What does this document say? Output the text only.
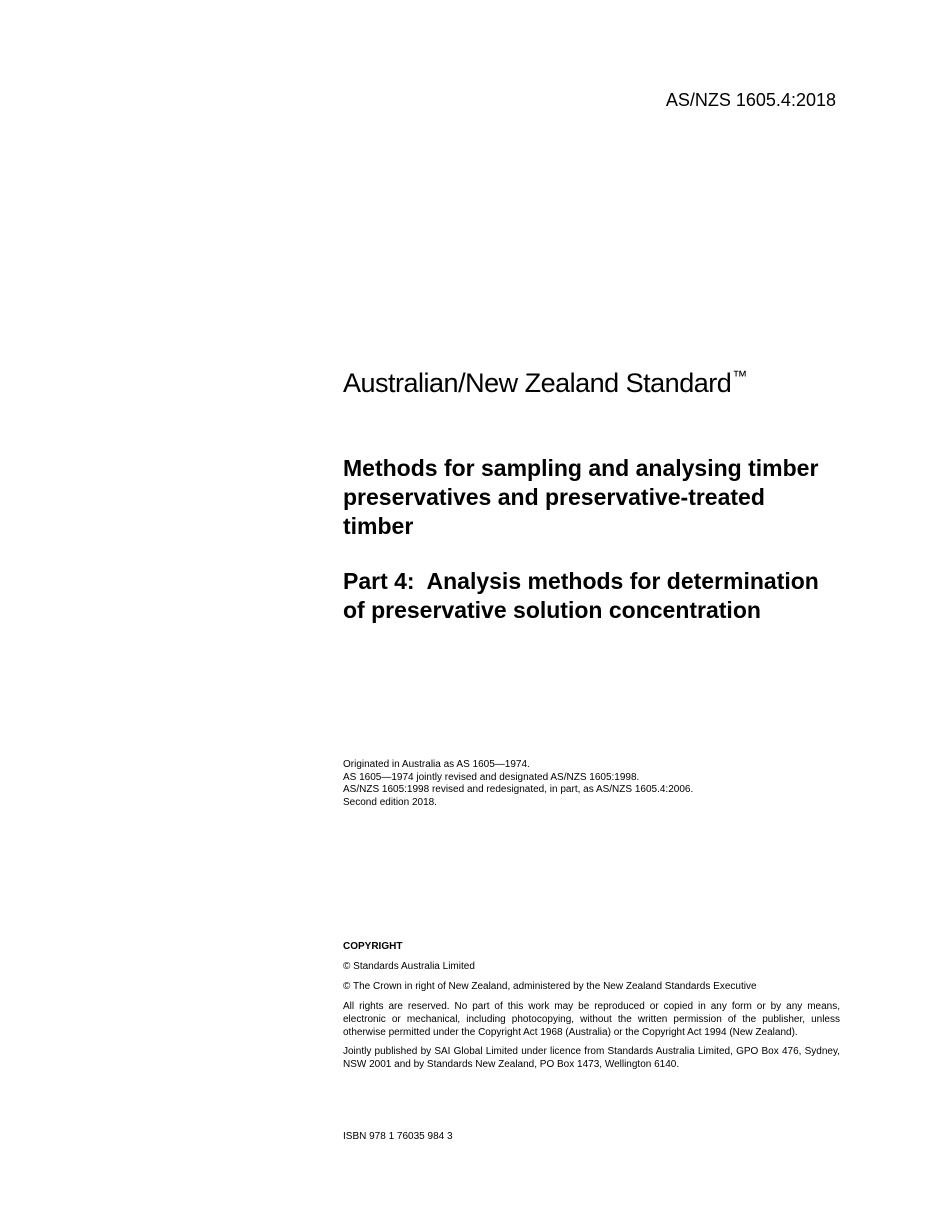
AS/NZS 1605.4:2018
Australian/New Zealand Standard™
Methods for sampling and analysing timber preservatives and preservative-treated timber
Part 4:  Analysis methods for determination of preservative solution concentration
Originated in Australia as AS 1605—1974.
AS 1605—1974 jointly revised and designated AS/NZS 1605:1998.
AS/NZS 1605:1998 revised and redesignated, in part, as AS/NZS 1605.4:2006.
Second edition 2018.
COPYRIGHT
© Standards Australia Limited
© The Crown in right of New Zealand, administered by the New Zealand Standards Executive
All rights are reserved. No part of this work may be reproduced or copied in any form or by any means, electronic or mechanical, including photocopying, without the written permission of the publisher, unless otherwise permitted under the Copyright Act 1968 (Australia) or the Copyright Act 1994 (New Zealand).
Jointly published by SAI Global Limited under licence from Standards Australia Limited, GPO Box 476, Sydney, NSW 2001 and by Standards New Zealand, PO Box 1473, Wellington 6140.
ISBN 978 1 76035 984 3
